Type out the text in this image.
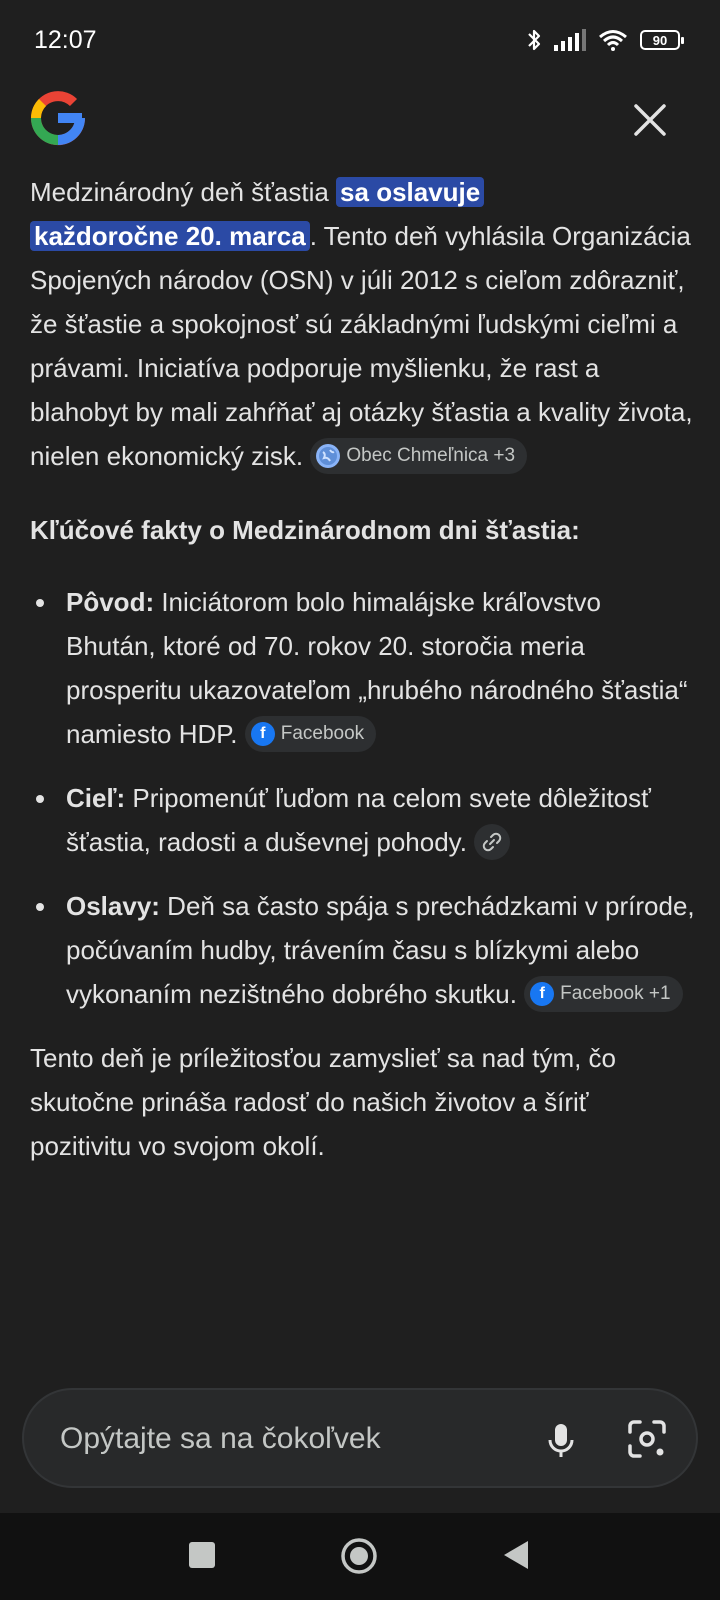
12:07	90

Medzinárodný deň šťastia sa oslavuje
každoročne 20. marca . Tento deň vyhlásila Organizácia Spojených národov (OSN) v júli 2012 s cieľom zdôrazniť, že šťastie a spokojnosť sú základnými ľudskými cieľmi a právami. Iniciatíva podporuje myšlienku, že rast a blahobyt by mali zahŕňať aj otázky šťastia a kvality života, nielen ekonomický zisk. Obec Chmeľnica +3

Kľúčové fakty o Medzinárodnom dni šťastia:

Pôvod: Iniciátorom bolo himalájske kráľovstvo Bhután, ktoré od 70. rokov 20. storočia meria prosperitu ukazovateľom „hrubého národného šťastia“ namiesto HDP.	f Facebook
Cieľ: Pripomenúť ľuďom na celom svete dôležitosť šťastia, radosti a duševnej pohody.
Oslavy: Deň sa často spája s prechádzkami v prírode, počúvaním hudby, trávením času s blízkymi alebo vykonaním nezištného dobrého skutku.	f Facebook +1

Tento deň je príležitosťou zamyslieť sa nad tým, čo skutočne prináša radosť do našich životov a šíriť pozitivitu vo svojom okolí.

Opýtajte sa na čokoľvek
